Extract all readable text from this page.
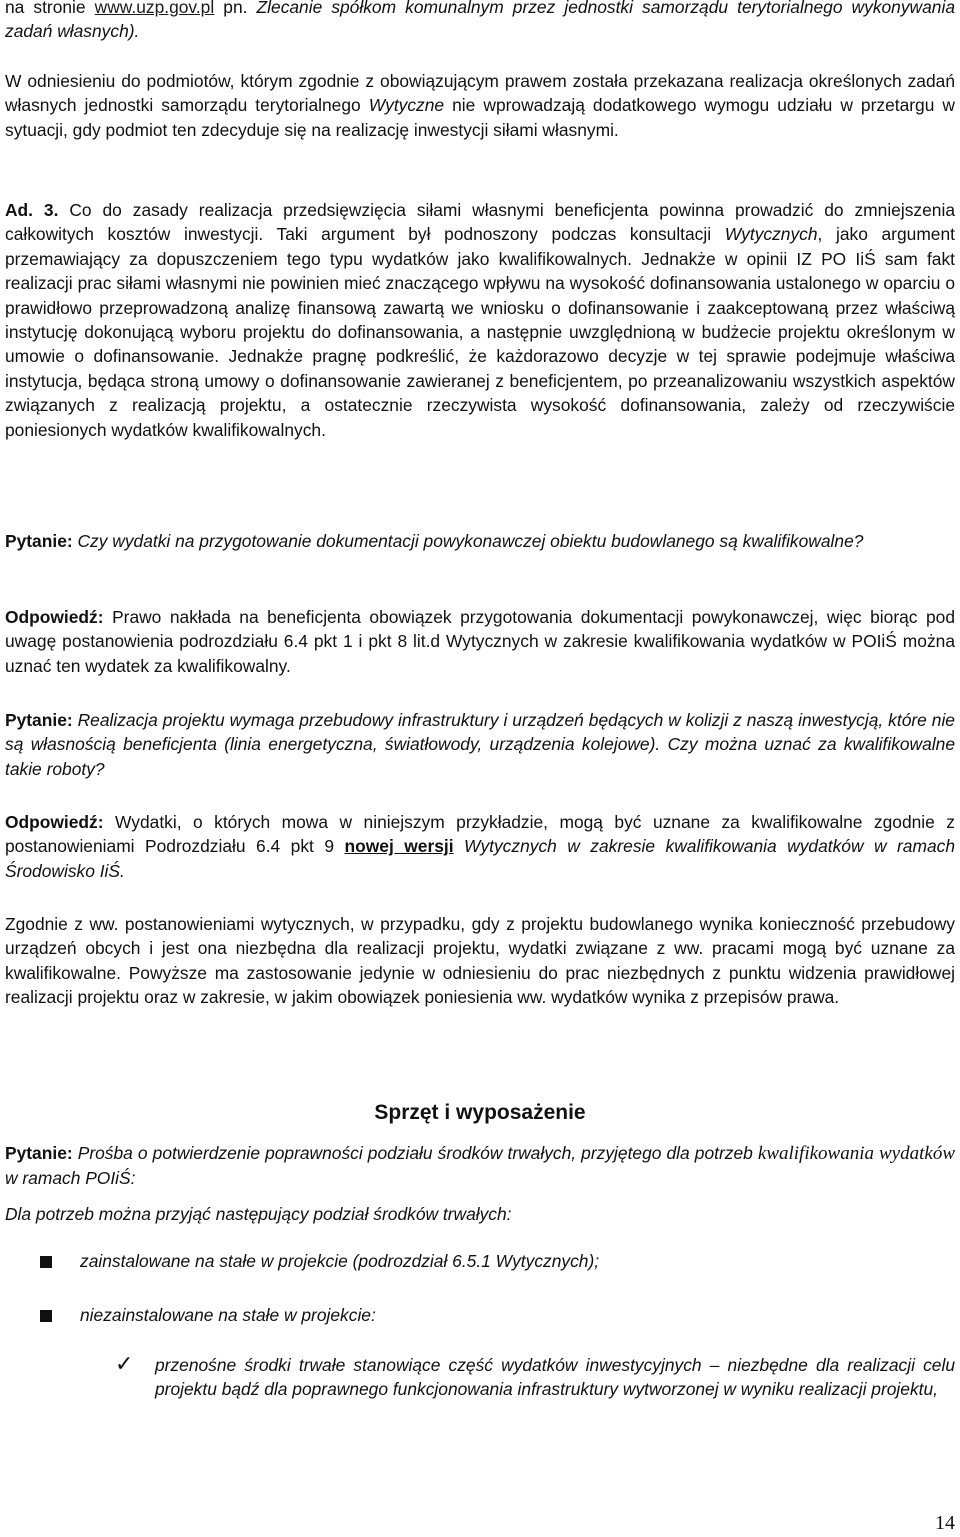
na stronie www.uzp.gov.pl pn. Zlecanie spółkom komunalnym przez jednostki samorządu terytorialnego wykonywania zadań własnych).

W odniesieniu do podmiotów, którym zgodnie z obowiązującym prawem została przekazana realizacja określonych zadań własnych jednostki samorządu terytorialnego Wytyczne nie wprowadzają dodatkowego wymogu udziału w przetargu w sytuacji, gdy podmiot ten zdecyduje się na realizację inwestycji siłami własnymi.

Ad. 3. Co do zasady realizacja przedsięwzięcia siłami własnymi beneficjenta powinna prowadzić do zmniejszenia całkowitych kosztów inwestycji. Taki argument był podnoszony podczas konsultacji Wytycznych, jako argument przemawiający za dopuszczeniem tego typu wydatków jako kwalifikowalnych. Jednakże w opinii IZ PO IiŚ sam fakt realizacji prac siłami własnymi nie powinien mieć znaczącego wpływu na wysokość dofinansowania ustalonego w oparciu o prawidłowo przeprowadzoną analizę finansową zawartą we wniosku o dofinansowanie i zaakceptowaną przez właściwą instytucję dokonującą wyboru projektu do dofinansowania, a następnie uwzględnioną w budżecie projektu określonym w umowie o dofinansowanie. Jednakże pragnę podkreślić, że każdorazowo decyzje w tej sprawie podejmuje właściwa instytucja, będąca stroną umowy o dofinansowanie zawieranej z beneficjentem, po przeanalizowaniu wszystkich aspektów związanych z realizacją projektu, a ostatecznie rzeczywista wysokość dofinansowania, zależy od rzeczywiście poniesionych wydatków kwalifikowalnych.

Pytanie: Czy wydatki na przygotowanie dokumentacji powykonawczej obiektu budowlanego są kwalifikowalne?

Odpowiedź: Prawo nakłada na beneficjenta obowiązek przygotowania dokumentacji powykonawczej, więc biorąc pod uwagę postanowienia podrozdziału 6.4 pkt 1 i pkt 8 lit.d Wytycznych w zakresie kwalifikowania wydatków w POIiŚ można uznać ten wydatek za kwalifikowalny.

Pytanie: Realizacja projektu wymaga przebudowy infrastruktury i urządzeń będących w kolizji z naszą inwestycją, które nie są własnością beneficjenta (linia energetyczna, światłowody, urządzenia kolejowe). Czy można uznać za kwalifikowalne takie roboty?

Odpowiedź: Wydatki, o których mowa w niniejszym przykładzie, mogą być uznane za kwalifikowalne zgodnie z postanowieniami Podrozdziału 6.4 pkt 9 nowej wersji Wytycznych w zakresie kwalifikowania wydatków w ramach Środowisko IiŚ.

Zgodnie z ww. postanowieniami wytycznych, w przypadku, gdy z projektu budowlanego wynika konieczność przebudowy urządzeń obcych i jest ona niezbędna dla realizacji projektu, wydatki związane z ww. pracami mogą być uznane za kwalifikowalne. Powyższe ma zastosowanie jedynie w odniesieniu do prac niezbędnych z punktu widzenia prawidłowej realizacji projektu oraz w zakresie, w jakim obowiązek poniesienia ww. wydatków wynika z przepisów prawa.

Sprzęt i wyposażenie

Pytanie: Prośba o potwierdzenie poprawności podziału środków trwałych, przyjętego dla potrzeb kwalifikowania wydatków w ramach POIiŚ:

Dla potrzeb można przyjąć następujący podział środków trwałych:

zainstalowane na stałe w projekcie (podrozdział 6.5.1 Wytycznych);
niezainstalowane na stałe w projekcie:
✓ przenośne środki trwałe stanowiące część wydatków inwestycyjnych – niezbędne dla realizacji celu projektu bądź dla poprawnego funkcjonowania infrastruktury wytworzonej w wyniku realizacji projektu,
14
